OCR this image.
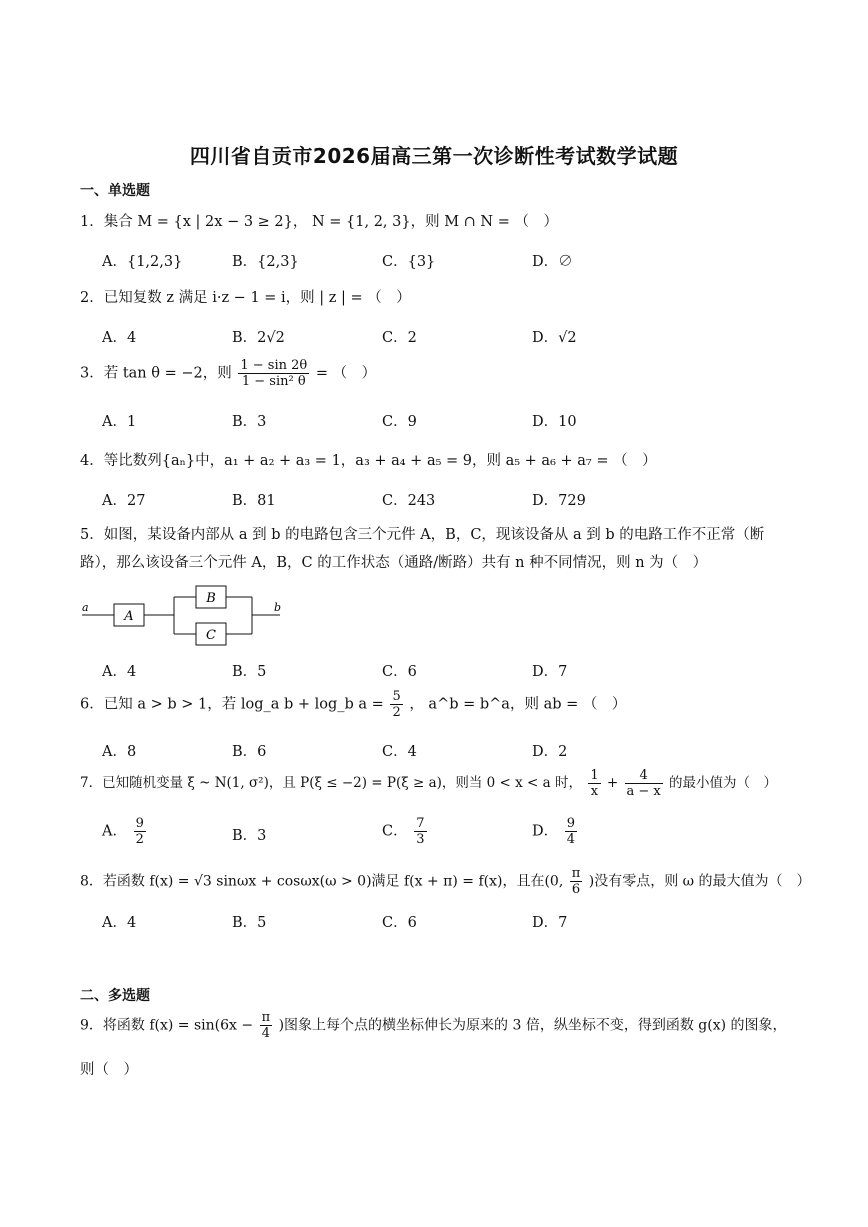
四川省自贡市2026届高三第一次诊断性考试数学试题
一、单选题
1．集合 M = {x | 2x − 3 ≥ 2}， N = {1, 2, 3}，则 M ∩ N = （　）
A．{1,2,3}	B．{2,3}	C．{3}	D．∅
2．已知复数 z 满足 i·z − 1 = i，则 | z | = （　）
A．4	B．2√2	C．2	D．√2
3．若 tan θ = −2，则 $\frac{1 - \sin 2\theta}{\text{1 − sin² θ}}$ = （　）
A．1	B．3	C．9	D．10
4．等比数列{aₙ}中，a₁ + a₂ + a₃ = 1，a₃ + a₄ + a₅ = 9，则 a₅ + a₆ + a₇ = （　）
A．27	B．81	C．243	D．729
5．如图，某设备内部从 a 到 b 的电路包含三个元件 A，B，C，现该设备从 a 到 b 的电路工作不正常（断路），那么该设备三个元件 A，B，C 的工作状态（通路/断路）共有 n 种不同情况，则 n 为（　）
a
A
B
C
b
A．4	B．5	C．6	D．7
6．已知 a > b > 1，若 log_a b + log_b $a = \frac{5}{2}$ ， a^b = b^a，则 ab = （　）
A．8	B．6	C．4	D．2
7．已知随机变量 ξ ~ N(1, σ²)，且 P(ξ ≤ −2) = P(ξ ≥ a)，则当 0 < x < a 时， $\frac{1}{x} + \frac{4}{a - x}$ 的最小值为（　）
A． $\frac{9}{2}$	B．3	C． $\frac{7}{3}$	D． $\frac{9}{4}$
8．若函数 f(x) = √3 sinωx + cosωx(ω > 0)满足 f(x + π) = f(x)，且在(0, $\frac{\pi}{6}$ )没有零点，则 ω 的最大值为（　）
A．4	B．5	C．6	D．7
二、多选题
9．将函数 $f(x) = \sin(6x - \frac{\pi}{4}$ )图象上每个点的横坐标伸长为原来的 3 倍，纵坐标不变，得到函数 g(x) 的图象，
则（　）
